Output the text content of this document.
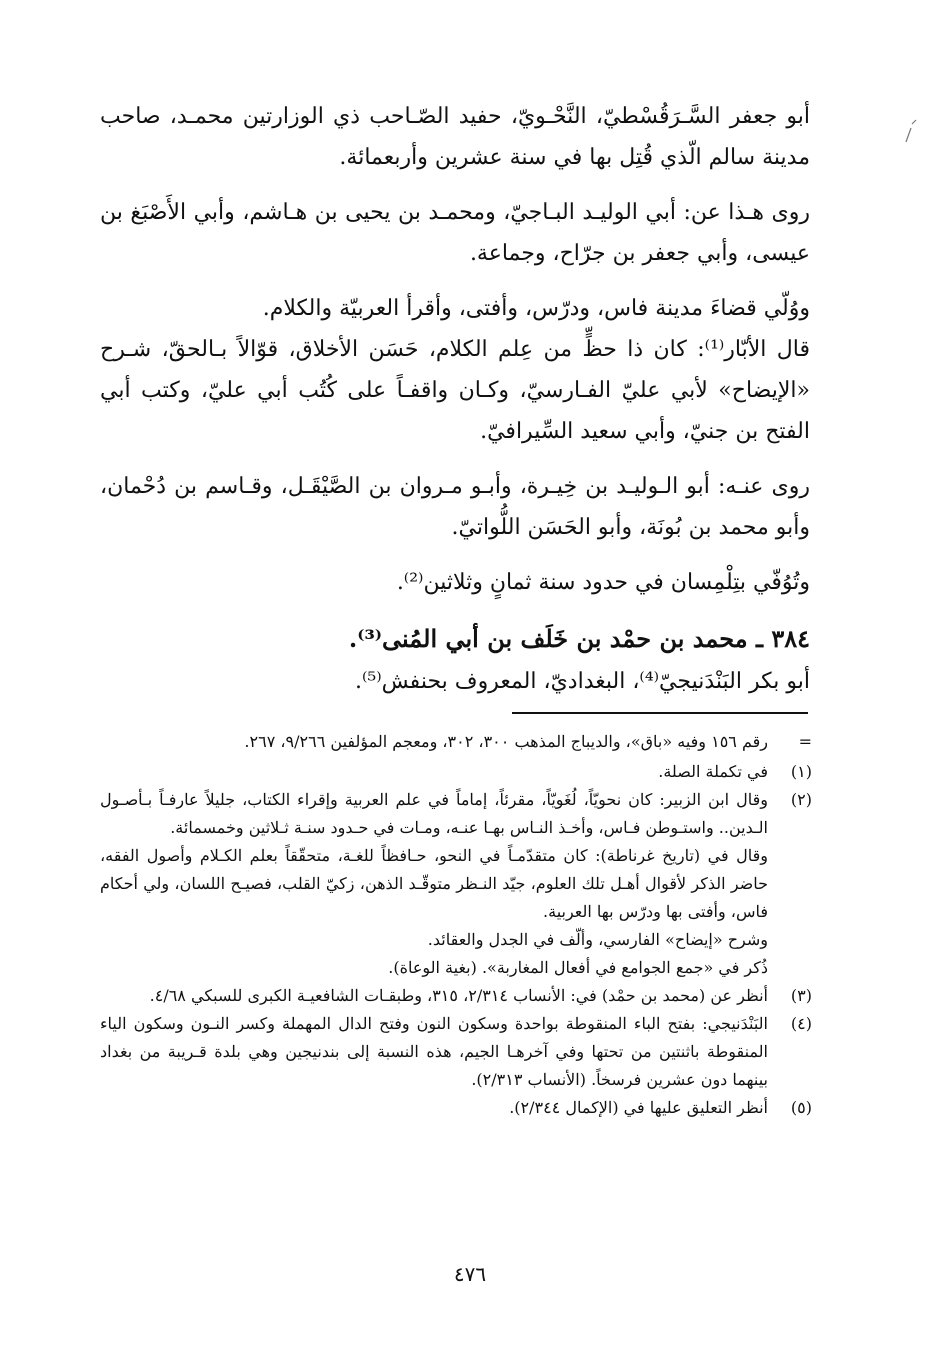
أبو جعفر السَّـرَقُسْطيّ، النَّحْـويّ، حفيد الصّـاحب ذي الوزارتين محمـد، صاحب مدينة سالم الّذي قُتِل بها في سنة عشرين وأربعمائة.

روى هـذا عن: أبي الوليـد البـاجيّ، ومحمـد بن يحيى بن هـاشم، وأبي الأَصْبَغ بن عيسى، وأبي جعفر بن جرّاح، وجماعة.

ووُلّي قضاءَ مدينة فاس، ودرّس، وأفتى، وأقرأ العربيّة والكلام.

قال الأبّار⁽¹⁾: كان ذا حظٍّ من عِلم الكلام، حَسَن الأخلاق، قوّالاً بـالحقّ، شـرح «الإيضاح» لأبي عليّ الفـارسيّ، وكـان واقفـاً على كُتُب أبي عليّ، وكتب أبي الفتح بن جنيّ، وأبي سعيد السِّيرافيّ.

روى عنـه: أبو الـوليـد بن خِيـرة، وأبـو مـروان بن الصَّيْقَـل، وقـاسم بن دُحْمان، وأبو محمد بن بُونَة، وأبو الحَسَن اللُّواتيّ.

وتُوُفّي بتِلْمِسان في حدود سنة ثمانٍ وثلاثين⁽²⁾.

٣٨٤ ـ محمد بن حمْد بن خَلَف بن أبي المُنى⁽³⁾.

أبو بكر البَنْدَنيجيّ⁽⁴⁾، البغداديّ، المعروف بحنفش⁽⁵⁾.

=

رقم ١٥٦ وفيه «باق»، والديباج المذهب ٣٠٠، ٣٠٢، ومعجم المؤلفين ٩/٢٦٦، ٢٦٧.

(١)

في تكملة الصلة.

(٢)

وقال ابن الزبير: كان نحويّاً، لُغَويّاً، مقرئاً، إماماً في علم العربية وإقراء الكتاب، جليلاً عارفـاً بـأصـول الـدين.. واستـوطن فـاس، وأخـذ النـاس بهـا عنـه، ومـات في حـدود سنـة ثـلاثين وخمسمائة.

وقال في (تاريخ غرناطة): كان متقدّمـاً في النحو، حـافظاً للغـة، متحقّقاً بعلم الكـلام وأصول الفقه، حاضر الذكر لأقوال أهـل تلك العلوم، جيّد النـظر متوقّـد الذهن، زكيّ القلب، فصيـح اللسان، ولي أحكام فاس، وأفتى بها ودرّس بها العربية.

وشرح «إيضاح» الفارسي، وألّف في الجدل والعقائد.

ذُكر في «جمع الجوامع في أفعال المغاربة». (بغية الوعاة).

(٣)

أنظر عن (محمد بن حمْد) في: الأنساب ٢/٣١٤، ٣١٥، وطبقـات الشافعيـة الكبرى للسبكي ٤/٦٨.

(٤)

البَنْدَنيجي: بفتح الباء المنقوطة بواحدة وسكون النون وفتح الدال المهملة وكسر النـون وسكون الياء المنقوطة باثنتين من تحتها وفي آخرهـا الجيم، هذه النسبة إلى بندنيجين وهي بلدة قـريبة من بغداد بينهما دون عشرين فرسخاً. (الأنساب ٢/٣١٣).

(٥)

أنظر التعليق عليها في (الإكمال ٢/٣٤٤).

٤٧٦
